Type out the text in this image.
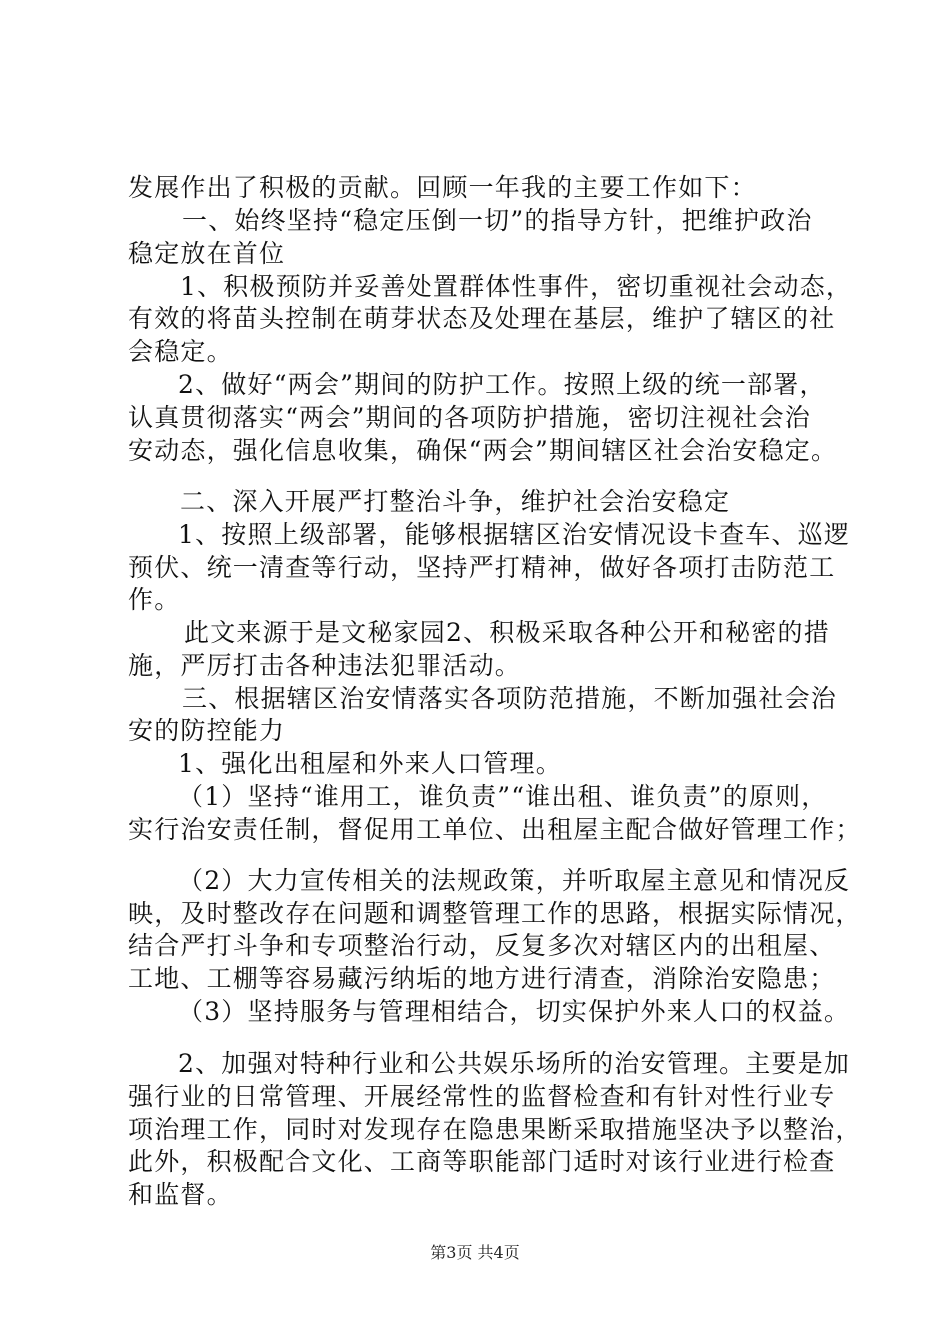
发展作出了积极的贡献。回顾一年我的主要工作如下：
一、始终坚持“稳定压倒一切”的指导方针，把维护政治
稳定放在首位
1、积极预防并妥善处置群体性事件，密切重视社会动态，
有效的将苗头控制在萌芽状态及处理在基层，维护了辖区的社
会稳定。
2、做好“两会”期间的防护工作。按照上级的统一部署，
认真贯彻落实“两会”期间的各项防护措施，密切注视社会治
安动态，强化信息收集，确保“两会”期间辖区社会治安稳定。
二、深入开展严打整治斗争，维护社会治安稳定
1、按照上级部署，能够根据辖区治安情况设卡查车、巡逻
预伏、统一清查等行动，坚持严打精神，做好各项打击防范工
作。
此文来源于是文秘家园2、积极采取各种公开和秘密的措
施，严厉打击各种违法犯罪活动。
三、根据辖区治安情落实各项防范措施，不断加强社会治
安的防控能力
1、强化出租屋和外来人口管理。
（1）坚持“谁用工，谁负责”“谁出租、谁负责”的原则，
实行治安责任制，督促用工单位、出租屋主配合做好管理工作；
（2）大力宣传相关的法规政策，并听取屋主意见和情况反
映，及时整改存在问题和调整管理工作的思路，根据实际情况，
结合严打斗争和专项整治行动，反复多次对辖区内的出租屋、
工地、工棚等容易藏污纳垢的地方进行清查，消除治安隐患；
（3）坚持服务与管理相结合，切实保护外来人口的权益。
2、加强对特种行业和公共娱乐场所的治安管理。主要是加
强行业的日常管理、开展经常性的监督检查和有针对性行业专
项治理工作，同时对发现存在隐患果断采取措施坚决予以整治，
此外，积极配合文化、工商等职能部门适时对该行业进行检查
和监督。
第3页 共4页
